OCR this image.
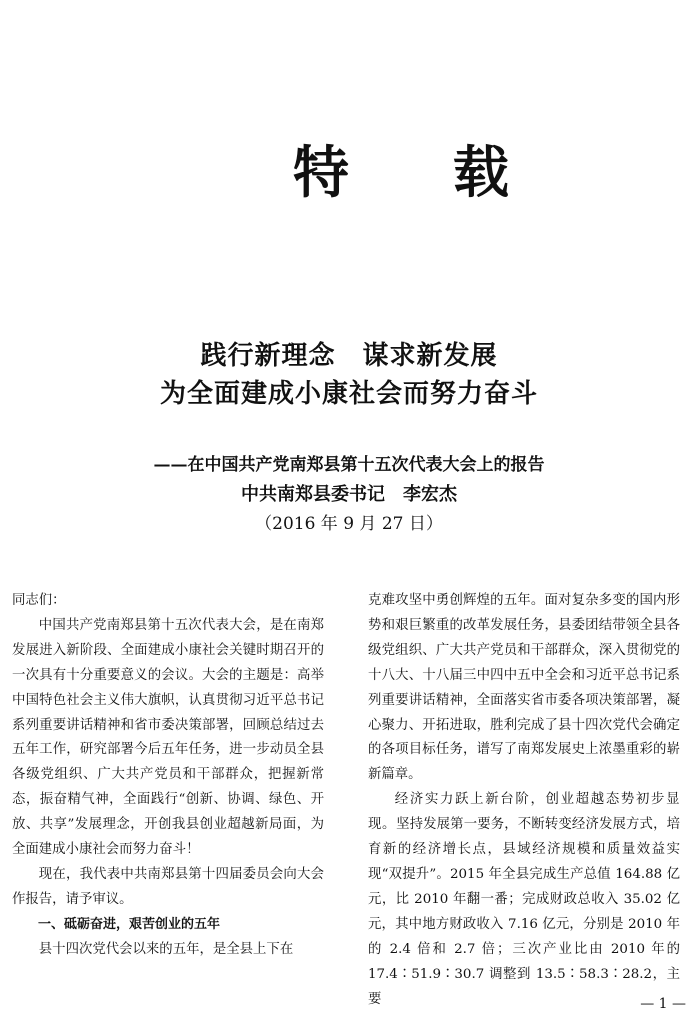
特载
践行新理念　谋求新发展
为全面建成小康社会而努力奋斗
——在中国共产党南郑县第十五次代表大会上的报告
中共南郑县委书记　李宏杰
（2016 年 9 月 27 日）

同志们：

中国共产党南郑县第十五次代表大会，是在南郑发展进入新阶段、全面建成小康社会关键时期召开的一次具有十分重要意义的会议。大会的主题是：高举中国特色社会主义伟大旗帜，认真贯彻习近平总书记系列重要讲话精神和省市委决策部署，回顾总结过去五年工作，研究部署今后五年任务，进一步动员全县各级党组织、广大共产党员和干部群众，把握新常态，振奋精气神，全面践行“创新、协调、绿色、开放、共享”发展理念，开创我县创业超越新局面，为全面建成小康社会而努力奋斗！

现在，我代表中共南郑县第十四届委员会向大会作报告，请予审议。

一、砥砺奋进，艰苦创业的五年

县十四次党代会以来的五年，是全县上下在

克难攻坚中勇创辉煌的五年。面对复杂多变的国内形势和艰巨繁重的改革发展任务，县委团结带领全县各级党组织、广大共产党员和干部群众，深入贯彻党的十八大、十八届三中四中五中全会和习近平总书记系列重要讲话精神，全面落实省市委各项决策部署，凝心聚力、开拓进取，胜利完成了县十四次党代会确定的各项目标任务，谱写了南郑发展史上浓墨重彩的崭新篇章。

经济实力跃上新台阶，创业超越态势初步显现。坚持发展第一要务，不断转变经济发展方式，培育新的经济增长点，县域经济规模和质量效益实现“双提升”。2015 年全县完成生产总值 164.88 亿元，比 2010 年翻一番；完成财政总收入 35.02 亿元，其中地方财政收入 7.16 亿元，分别是 2010 年的 2.4 倍和 2.7 倍；三次产业比由 2010 年的 17.4∶51.9∶30.7 调整到 13.5∶58.3∶28.2，主要	— 1 —
